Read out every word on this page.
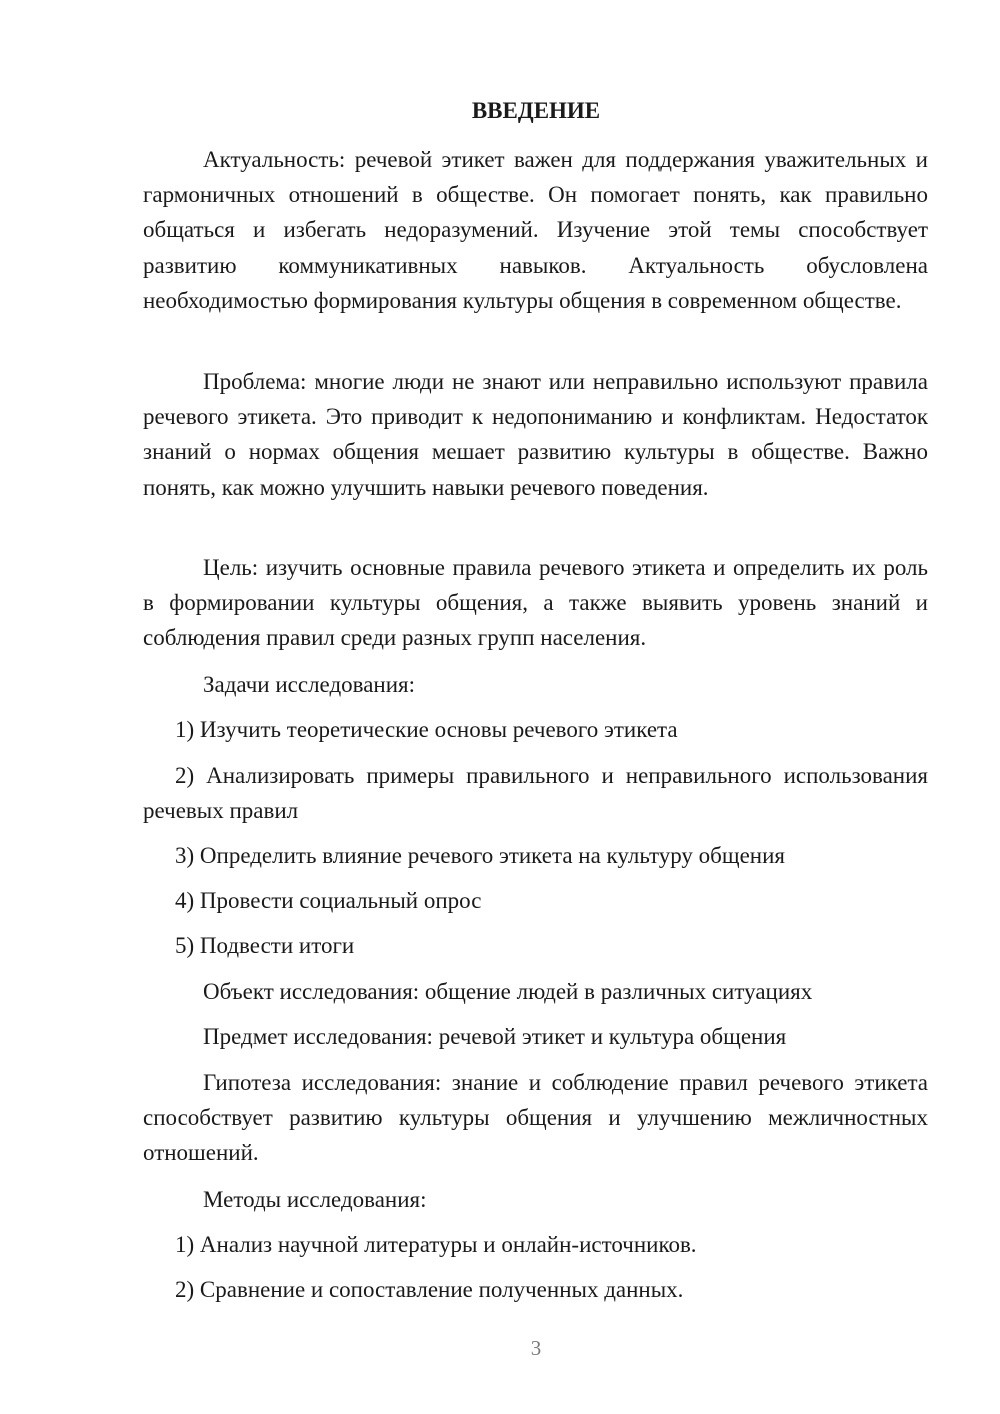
ВВЕДЕНИЕ

Актуальность: речевой этикет важен для поддержания уважительных и гармоничных отношений в обществе. Он помогает понять, как правильно общаться и избегать недоразумений. Изучение этой темы способствует развитию коммуникативных навыков. Актуальность обусловлена необходимостью формирования культуры общения в современном обществе.

Проблема: многие люди не знают или неправильно используют правила речевого этикета. Это приводит к недопониманию и конфликтам. Недостаток знаний о нормах общения мешает развитию культуры в обществе. Важно понять, как можно улучшить навыки речевого поведения.

Цель: изучить основные правила речевого этикета и определить их роль в формировании культуры общения, а также выявить уровень знаний и соблюдения правил среди разных групп населения.

Задачи исследования:

1) Изучить теоретические основы речевого этикета

2) Анализировать примеры правильного и неправильного использования речевых правил

3) Определить влияние речевого этикета на культуру общения

4) Провести социальный опрос

5) Подвести итоги

Объект исследования: общение людей в различных ситуациях

Предмет исследования: речевой этикет и культура общения

Гипотеза исследования: знание и соблюдение правил речевого этикета способствует развитию культуры общения и улучшению межличностных отношений.

Методы исследования:

1) Анализ научной литературы и онлайн-источников.

2) Сравнение и сопоставление полученных данных.

3
